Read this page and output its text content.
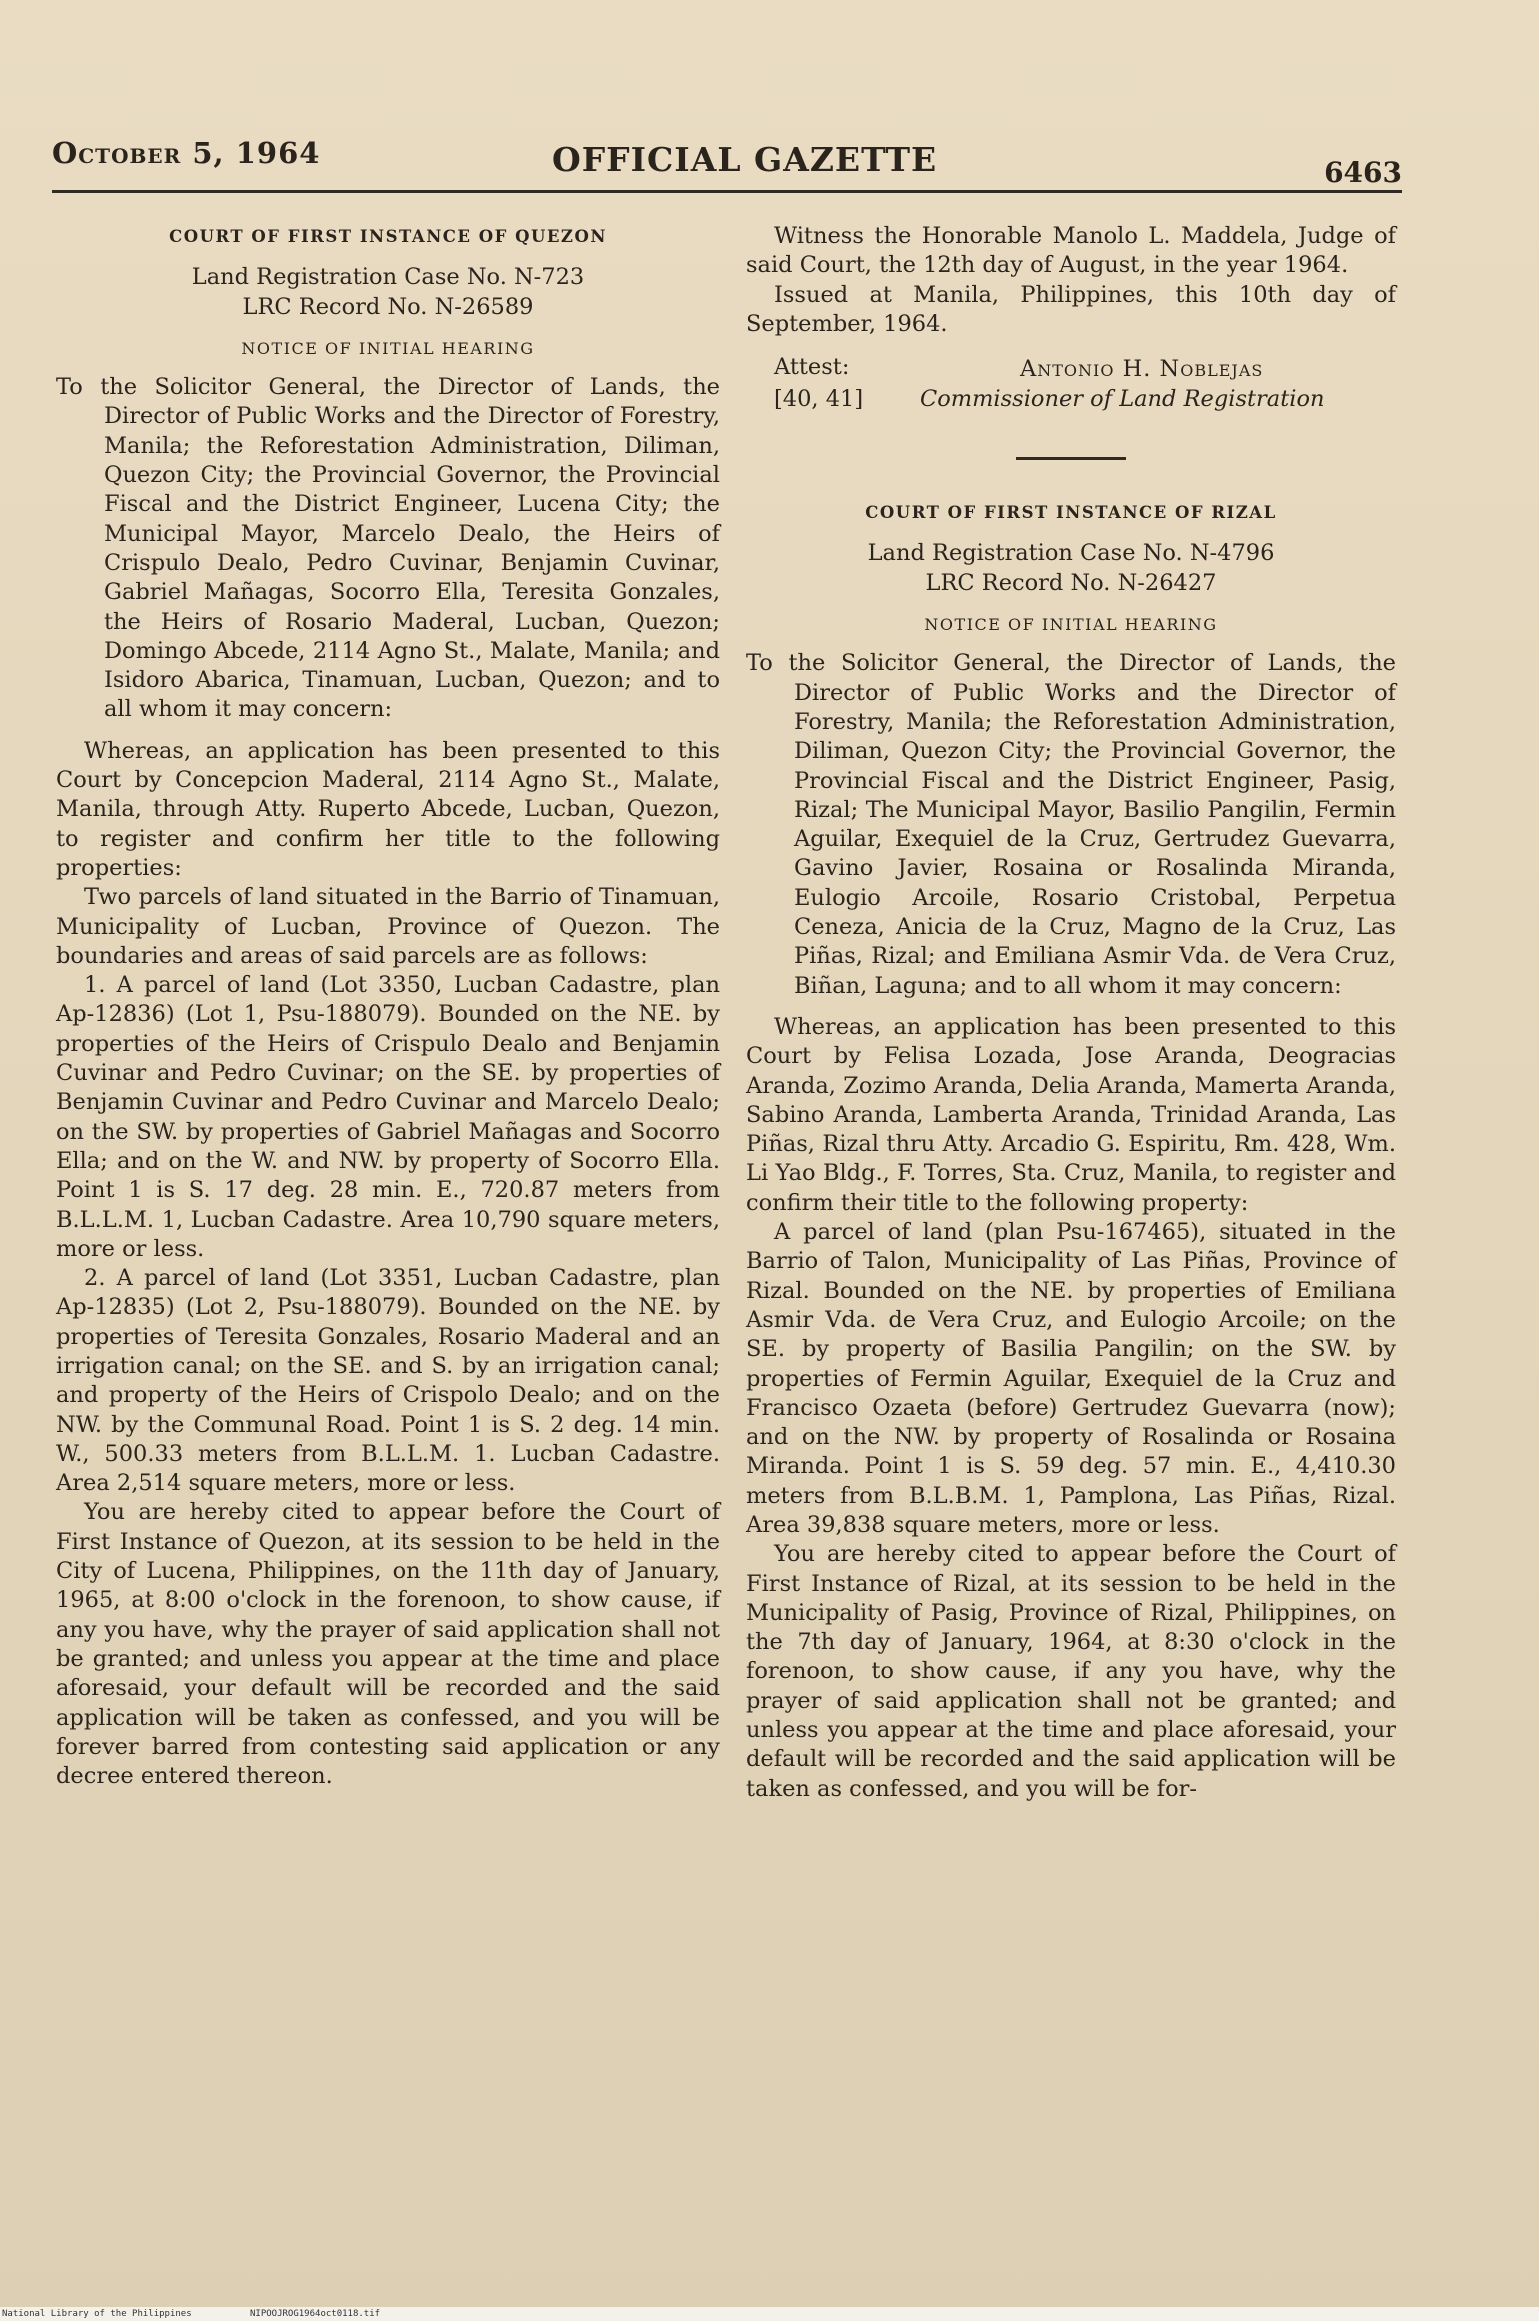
October 5, 1964	OFFICIAL GAZETTE	6463
COURT OF FIRST INSTANCE OF QUEZON
Land Registration Case No. N-723
LRC Record No. N-26589
NOTICE OF INITIAL HEARING

To the Solicitor General, the Director of Lands, the Director of Public Works and the Director of Forestry, Manila; the Reforestation Administration, Diliman, Quezon City; the Provincial Governor, the Provincial Fiscal and the District Engineer, Lucena City; the Municipal Mayor, Marcelo Dealo, the Heirs of Crispulo Dealo, Pedro Cuvinar, Benjamin Cuvinar, Gabriel Mañagas, Socorro Ella, Teresita Gonzales, the Heirs of Rosario Maderal, Lucban, Quezon; Domingo Abcede, 2114 Agno St., Malate, Manila; and Isidoro Abarica, Tinamuan, Lucban, Quezon; and to all whom it may concern:

Whereas, an application has been presented to this Court by Concepcion Maderal, 2114 Agno St., Malate, Manila, through Atty. Ruperto Abcede, Lucban, Quezon, to register and confirm her title to the following properties:

Two parcels of land situated in the Barrio of Tinamuan, Municipality of Lucban, Province of Quezon. The boundaries and areas of said parcels are as follows:

1. A parcel of land (Lot 3350, Lucban Cadastre, plan Ap-12836) (Lot 1, Psu-188079). Bounded on the NE. by properties of the Heirs of Crispulo Dealo and Benjamin Cuvinar and Pedro Cuvinar; on the SE. by properties of Benjamin Cuvinar and Pedro Cuvinar and Marcelo Dealo; on the SW. by properties of Gabriel Mañagas and Socorro Ella; and on the W. and NW. by property of Socorro Ella. Point 1 is S. 17 deg. 28 min. E., 720.87 meters from B.L.L.M. 1, Lucban Cadastre. Area 10,790 square meters, more or less.

2. A parcel of land (Lot 3351, Lucban Cadastre, plan Ap-12835) (Lot 2, Psu-188079). Bounded on the NE. by properties of Teresita Gonzales, Rosario Maderal and an irrigation canal; on the SE. and S. by an irrigation canal; and property of the Heirs of Crispolo Dealo; and on the NW. by the Communal Road. Point 1 is S. 2 deg. 14 min. W., 500.33 meters from B.L.L.M. 1. Lucban Cadastre. Area 2,514 square meters, more or less.

You are hereby cited to appear before the Court of First Instance of Quezon, at its session to be held in the City of Lucena, Philippines, on the 11th day of January, 1965, at 8:00 o'clock in the forenoon, to show cause, if any you have, why the prayer of said application shall not be granted; and unless you appear at the time and place aforesaid, your default will be recorded and the said application will be taken as confessed, and you will be forever barred from contesting said application or any decree entered thereon.

Witness the Honorable Manolo L. Maddela, Judge of said Court, the 12th day of August, in the year 1964.

Issued at Manila, Philippines, this 10th day of September, 1964.

Attest:
[40, 41]
Antonio H. Noblejas
Commissioner of Land Registration
COURT OF FIRST INSTANCE OF RIZAL
Land Registration Case No. N-4796
LRC Record No. N-26427
NOTICE OF INITIAL HEARING

To the Solicitor General, the Director of Lands, the Director of Public Works and the Director of Forestry, Manila; the Reforestation Administration, Diliman, Quezon City; the Provincial Governor, the Provincial Fiscal and the District Engineer, Pasig, Rizal; The Municipal Mayor, Basilio Pangilin, Fermin Aguilar, Exequiel de la Cruz, Gertrudez Guevarra, Gavino Javier, Rosaina or Rosalinda Miranda, Eulogio Arcoile, Rosario Cristobal, Perpetua Ceneza, Anicia de la Cruz, Magno de la Cruz, Las Piñas, Rizal; and Emiliana Asmir Vda. de Vera Cruz, Biñan, Laguna; and to all whom it may concern:

Whereas, an application has been presented to this Court by Felisa Lozada, Jose Aranda, Deogracias Aranda, Zozimo Aranda, Delia Aranda, Mamerta Aranda, Sabino Aranda, Lamberta Aranda, Trinidad Aranda, Las Piñas, Rizal thru Atty. Arcadio G. Espiritu, Rm. 428, Wm. Li Yao Bldg., F. Torres, Sta. Cruz, Manila, to register and confirm their title to the following property:

A parcel of land (plan Psu-167465), situated in the Barrio of Talon, Municipality of Las Piñas, Province of Rizal. Bounded on the NE. by properties of Emiliana Asmir Vda. de Vera Cruz, and Eulogio Arcoile; on the SE. by property of Basilia Pangilin; on the SW. by properties of Fermin Aguilar, Exequiel de la Cruz and Francisco Ozaeta (before) Gertrudez Guevarra (now); and on the NW. by property of Rosalinda or Rosaina Miranda. Point 1 is S. 59 deg. 57 min. E., 4,410.30 meters from B.L.B.M. 1, Pamplona, Las Piñas, Rizal. Area 39,838 square meters, more or less.

You are hereby cited to appear before the Court of First Instance of Rizal, at its session to be held in the Municipality of Pasig, Province of Rizal, Philippines, on the 7th day of January, 1964, at 8:30 o'clock in the forenoon, to show cause, if any you have, why the prayer of said application shall not be granted; and unless you appear at the time and place aforesaid, your default will be recorded and the said application will be taken as confessed, and you will be for-

National Library of the Philippines	NIPOOJROG1964oct0118.tif
